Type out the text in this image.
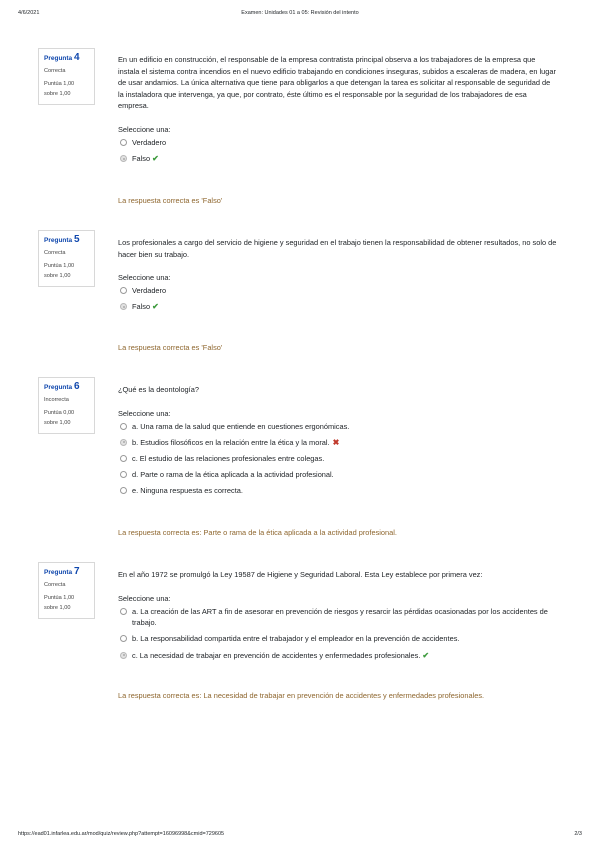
4/6/2021	Examen: Unidades 01 a 05: Revisión del intento
Pregunta 4
Correcta
Puntúa 1,00
sobre 1,00
En un edificio en construcción, el responsable de la empresa contratista principal observa a los trabajadores de la empresa que instala el sistema contra incendios en el nuevo edificio trabajando en condiciones inseguras, subidos a escaleras de madera, en lugar de usar andamios. La única alternativa que tiene para obligarlos a que detengan la tarea es solicitar al responsable de seguridad de la instaladora que intervenga, ya que, por contrato, éste último es el responsable por la seguridad de los trabajadores de esa empresa.
Seleccione una:
Verdadero
Falso ✔
La respuesta correcta es 'Falso'
Pregunta 5
Correcta
Puntúa 1,00
sobre 1,00
Los profesionales a cargo del servicio de higiene y seguridad en el trabajo tienen la responsabilidad de obtener resultados, no solo de hacer bien su trabajo.
Seleccione una:
Verdadero
Falso ✔
La respuesta correcta es 'Falso'
Pregunta 6
Incorrecta
Puntúa 0,00
sobre 1,00
¿Qué es la deontología?
Seleccione una:
a. Una rama de la salud que entiende en cuestiones ergonómicas.
b. Estudios filosóficos en la relación entre la ética y la moral. ✖
c. El estudio de las relaciones profesionales entre colegas.
d. Parte o rama de la ética aplicada a la actividad profesional.
e. Ninguna respuesta es correcta.
La respuesta correcta es: Parte o rama de la ética aplicada a la actividad profesional.
Pregunta 7
Correcta
Puntúa 1,00
sobre 1,00
En el año 1972 se promulgó la Ley 19587 de Higiene y Seguridad Laboral. Esta Ley establece por primera vez:
Seleccione una:
a. La creación de las ART a fin de asesorar en prevención de riesgos y resarcir las pérdidas ocasionadas por los accidentes de trabajo.
b. La responsabilidad compartida entre el trabajador y el empleador en la prevención de accidentes.
c. La necesidad de trabajar en prevención de accidentes y enfermedades profesionales. ✔
La respuesta correcta es: La necesidad de trabajar en prevención de accidentes y enfermedades profesionales.
https://ead01.infarlea.edu.ar/mod/quiz/review.php?attempt=16096998&cmid=729605	2/3
